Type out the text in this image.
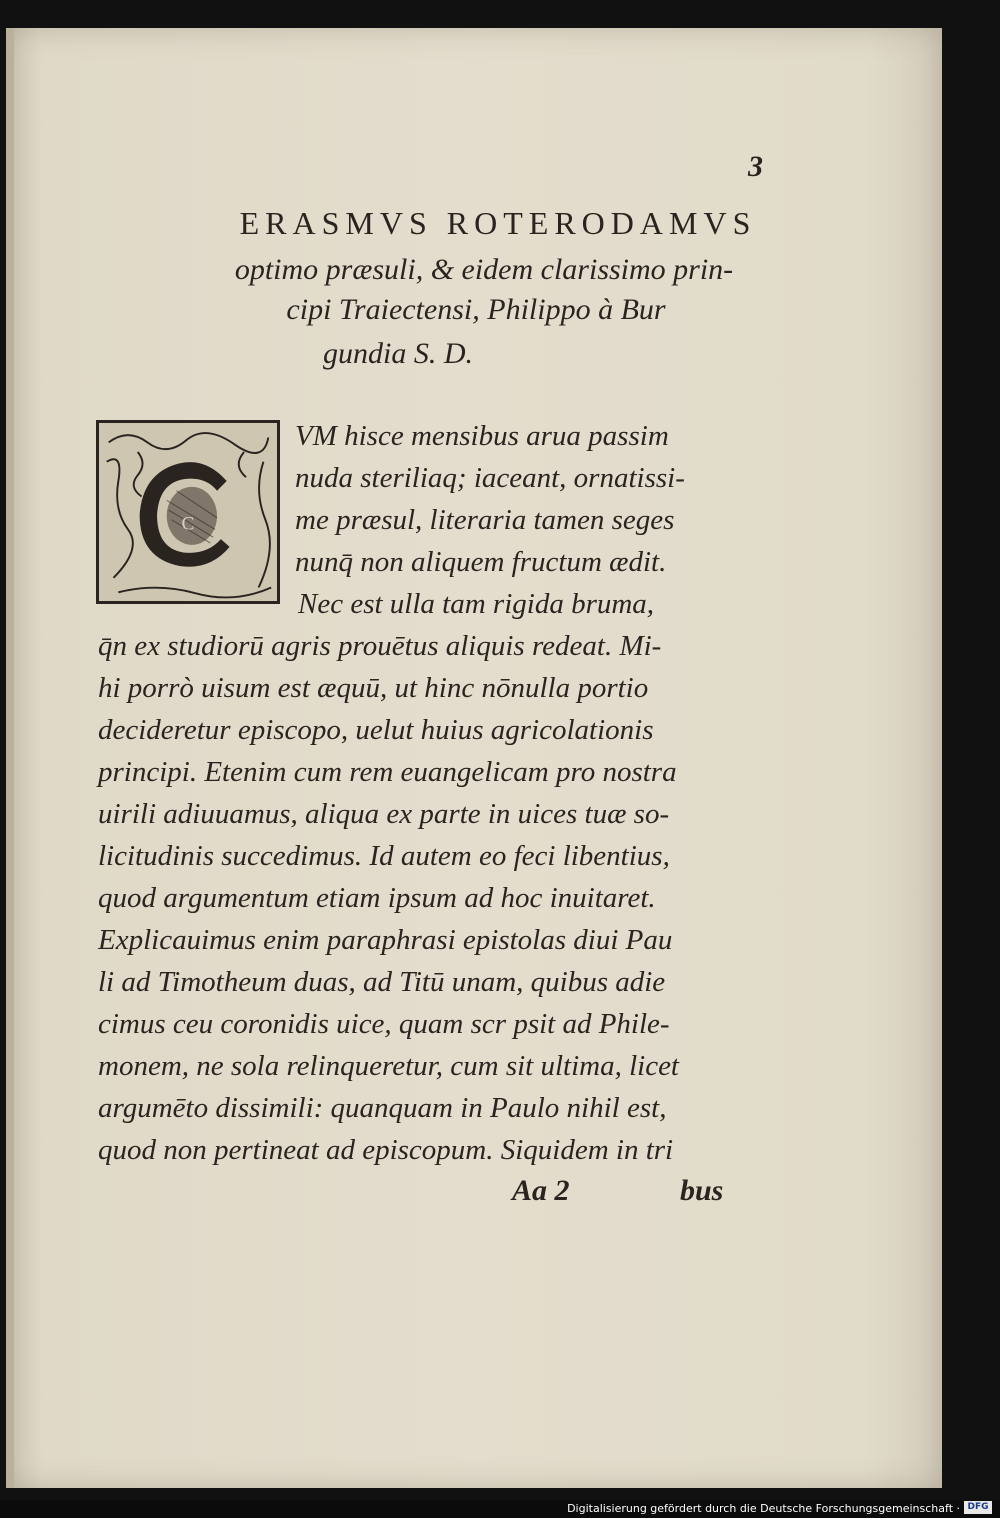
3
ERASMVS ROTERODAMVS
optimo præsuli, & eidem clarissimo prin-
cipi Traiectensi, Philippo à Bur
gundia S. D.
C
VM hisce mensibus arua passim
nuda steriliaq; iaceant, ornatissi-
me præsul, literaria tamen seges
nunq̄ non aliquem fructum ædit.
Nec est ulla tam rigida bruma,
q̄n ex studiorū agris prouētus aliquis redeat. Mi-
hi porrò uisum est æquū, ut hinc nōnulla portio
decideretur episcopo, uelut huius agricolationis
principi. Etenim cum rem euangelicam pro nostra
uirili adiuuamus, aliqua ex parte in uices tuæ so-
licitudinis succedimus. Id autem eo feci libentius,
quod argumentum etiam ipsum ad hoc inuitaret.
Explicauimus enim paraphrasi epistolas diui Pau
li ad Timotheum duas, ad Titū unam, quibus adie
cimus ceu coronidis uice, quam scr psit ad Phile-
monem, ne sola relinqueretur, cum sit ultima, licet
argumēto dissimili: quanquam in Paulo nihil est,
quod non pertineat ad episcopum. Siquidem in tri
Aa 2	bus
Digitalisierung gefördert durch die Deutsche Forschungsgemeinschaft · DFG
